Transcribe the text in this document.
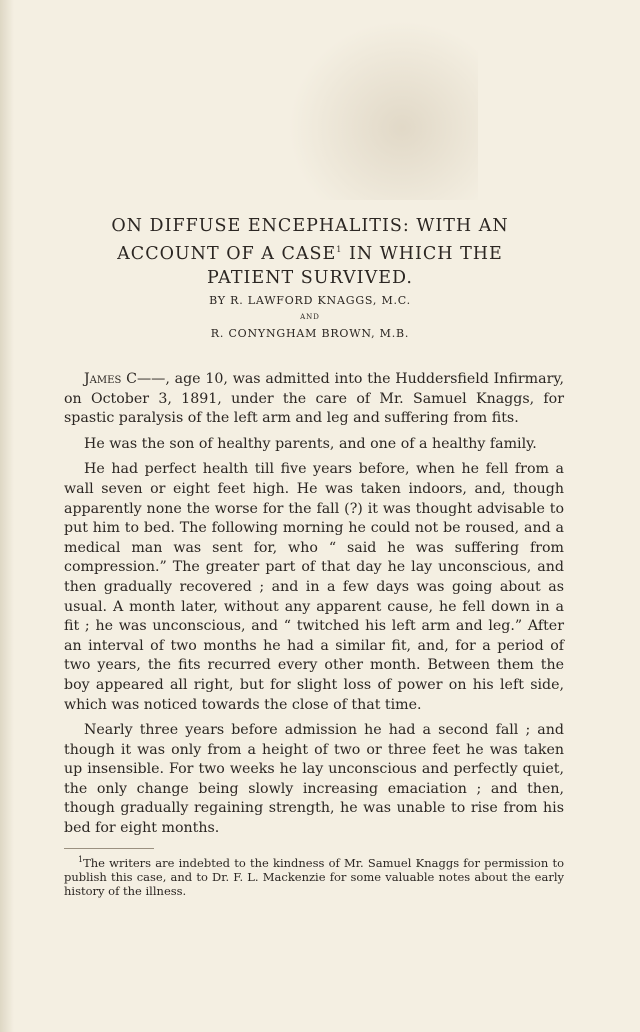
ON DIFFUSE ENCEPHALITIS: WITH AN

ACCOUNT OF A CASE$^1$ IN WHICH THE

PATIENT SURVIVED.

BY R. LAWFORD KNAGGS, M.C.

AND

R. CONYNGHAM BROWN, M.B.

James C——, age 10, was admitted into the Huddersfield Infirmary, on October 3, 1891, under the care of Mr. Samuel Knaggs, for spastic paralysis of the left arm and leg and suffering from fits.

He was the son of healthy parents, and one of a healthy family.

He had perfect health till five years before, when he fell from a wall seven or eight feet high. He was taken indoors, and, though apparently none the worse for the fall (?) it was thought advisable to put him to bed. The following morning he could not be roused, and a medical man was sent for, who “ said he was suffering from compression.” The greater part of that day he lay unconscious, and then gradually recovered ; and in a few days was going about as usual. A month later, without any apparent cause, he fell down in a fit ; he was unconscious, and “ twitched his left arm and leg.” After an interval of two months he had a similar fit, and, for a period of two years, the fits recurred every other month. Between them the boy appeared all right, but for slight loss of power on his left side, which was noticed towards the close of that time.

Nearly three years before admission he had a second fall ; and though it was only from a height of two or three feet he was taken up insensible. For two weeks he lay unconscious and perfectly quiet, the only change being slowly increasing emaciation ; and then, though gradually regaining strength, he was unable to rise from his bed for eight months.

$^1$The writers are indebted to the kindness of Mr. Samuel Knaggs for permission to publish this case, and to Dr. F. L. Mackenzie for some valuable notes about the early history of the illness.
